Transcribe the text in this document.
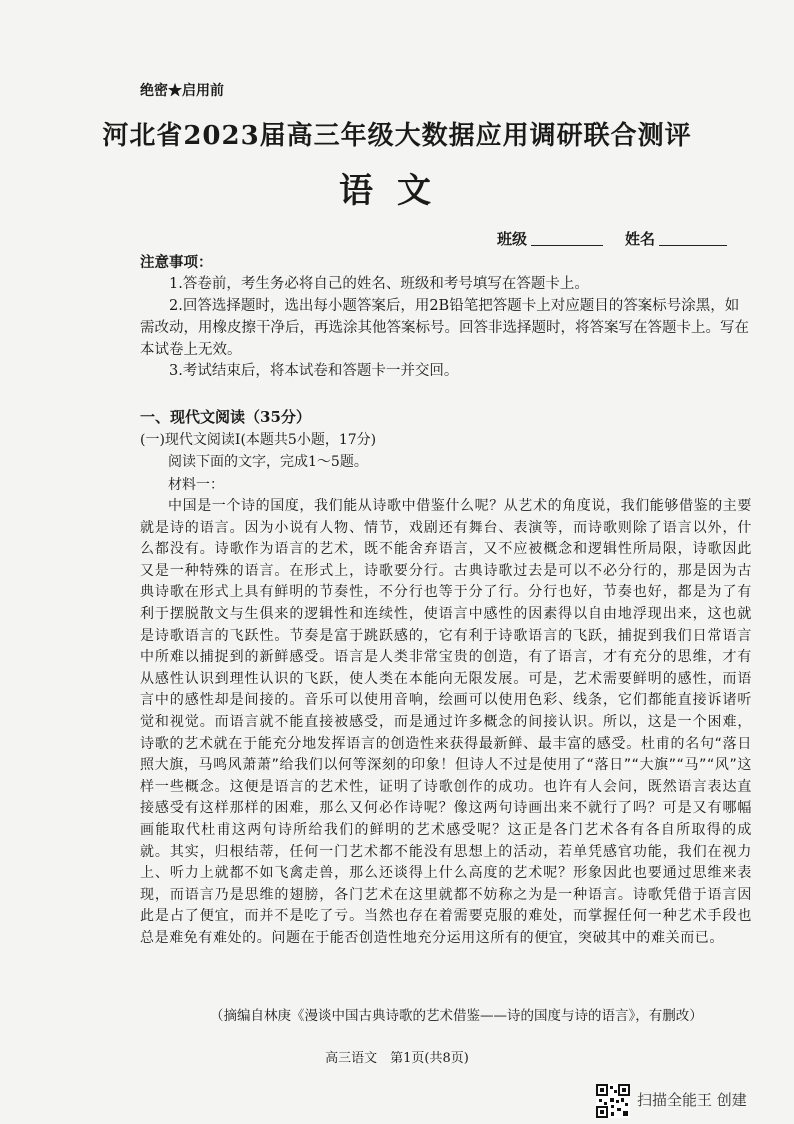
绝密★启用前
河北省2023届高三年级大数据应用调研联合测评
语文
班级	姓名
注意事项：
1.答卷前，考生务必将自己的姓名、班级和考号填写在答题卡上。
2.回答选择题时，选出每小题答案后，用2B铅笔把答题卡上对应题目的答案标号涂黑，如需改动，用橡皮擦干净后，再选涂其他答案标号。回答非选择题时，将答案写在答题卡上。写在本试卷上无效。
3.考试结束后，将本试卷和答题卡一并交回。
一、现代文阅读（35分）
(一)现代文阅读Ⅰ(本题共5小题，17分)
阅读下面的文字，完成1～5题。
材料一：
中国是一个诗的国度，我们能从诗歌中借鉴什么呢？从艺术的角度说，我们能够借鉴的主要就是诗的语言。因为小说有人物、情节，戏剧还有舞台、表演等，而诗歌则除了语言以外，什么都没有。诗歌作为语言的艺术，既不能舍弃语言，又不应被概念和逻辑性所局限，诗歌因此又是一种特殊的语言。在形式上，诗歌要分行。古典诗歌过去是可以不必分行的，那是因为古典诗歌在形式上具有鲜明的节奏性，不分行也等于分了行。分行也好，节奏也好，都是为了有利于摆脱散文与生俱来的逻辑性和连续性，使语言中感性的因素得以自由地浮现出来，这也就是诗歌语言的飞跃性。节奏是富于跳跃感的，它有利于诗歌语言的飞跃，捕捉到我们日常语言中所难以捕捉到的新鲜感受。语言是人类非常宝贵的创造，有了语言，才有充分的思维，才有从感性认识到理性认识的飞跃，使人类在本能向无限发展。可是，艺术需要鲜明的感性，而语言中的感性却是间接的。音乐可以使用音响，绘画可以使用色彩、线条，它们都能直接诉诸听觉和视觉。而语言就不能直接被感受，而是通过许多概念的间接认识。所以，这是一个困难，诗歌的艺术就在于能充分地发挥语言的创造性来获得最新鲜、最丰富的感受。杜甫的名句“落日照大旗，马鸣风萧萧”给我们以何等深刻的印象！但诗人不过是使用了“落日”“大旗”“马”“风”这样一些概念。这便是语言的艺术性，证明了诗歌创作的成功。也许有人会问，既然语言表达直接感受有这样那样的困难，那么又何必作诗呢？像这两句诗画出来不就行了吗？可是又有哪幅画能取代杜甫这两句诗所给我们的鲜明的艺术感受呢？这正是各门艺术各有各自所取得的成就。其实，归根结蒂，任何一门艺术都不能没有思想上的活动，若单凭感官功能，我们在视力上、听力上就都不如飞禽走兽，那么还谈得上什么高度的艺术呢？形象因此也要通过思维来表现，而语言乃是思维的翅膀，各门艺术在这里就都不妨称之为是一种语言。诗歌凭借于语言因此是占了便宜，而并不是吃了亏。当然也存在着需要克服的难处，而掌握任何一种艺术手段也总是难免有难处的。问题在于能否创造性地充分运用这所有的便宜，突破其中的难关而已。
（摘编自林庚《漫谈中国古典诗歌的艺术借鉴——诗的国度与诗的语言》，有删改）
高三语文　第1页(共8页)
扫描全能王 创建
